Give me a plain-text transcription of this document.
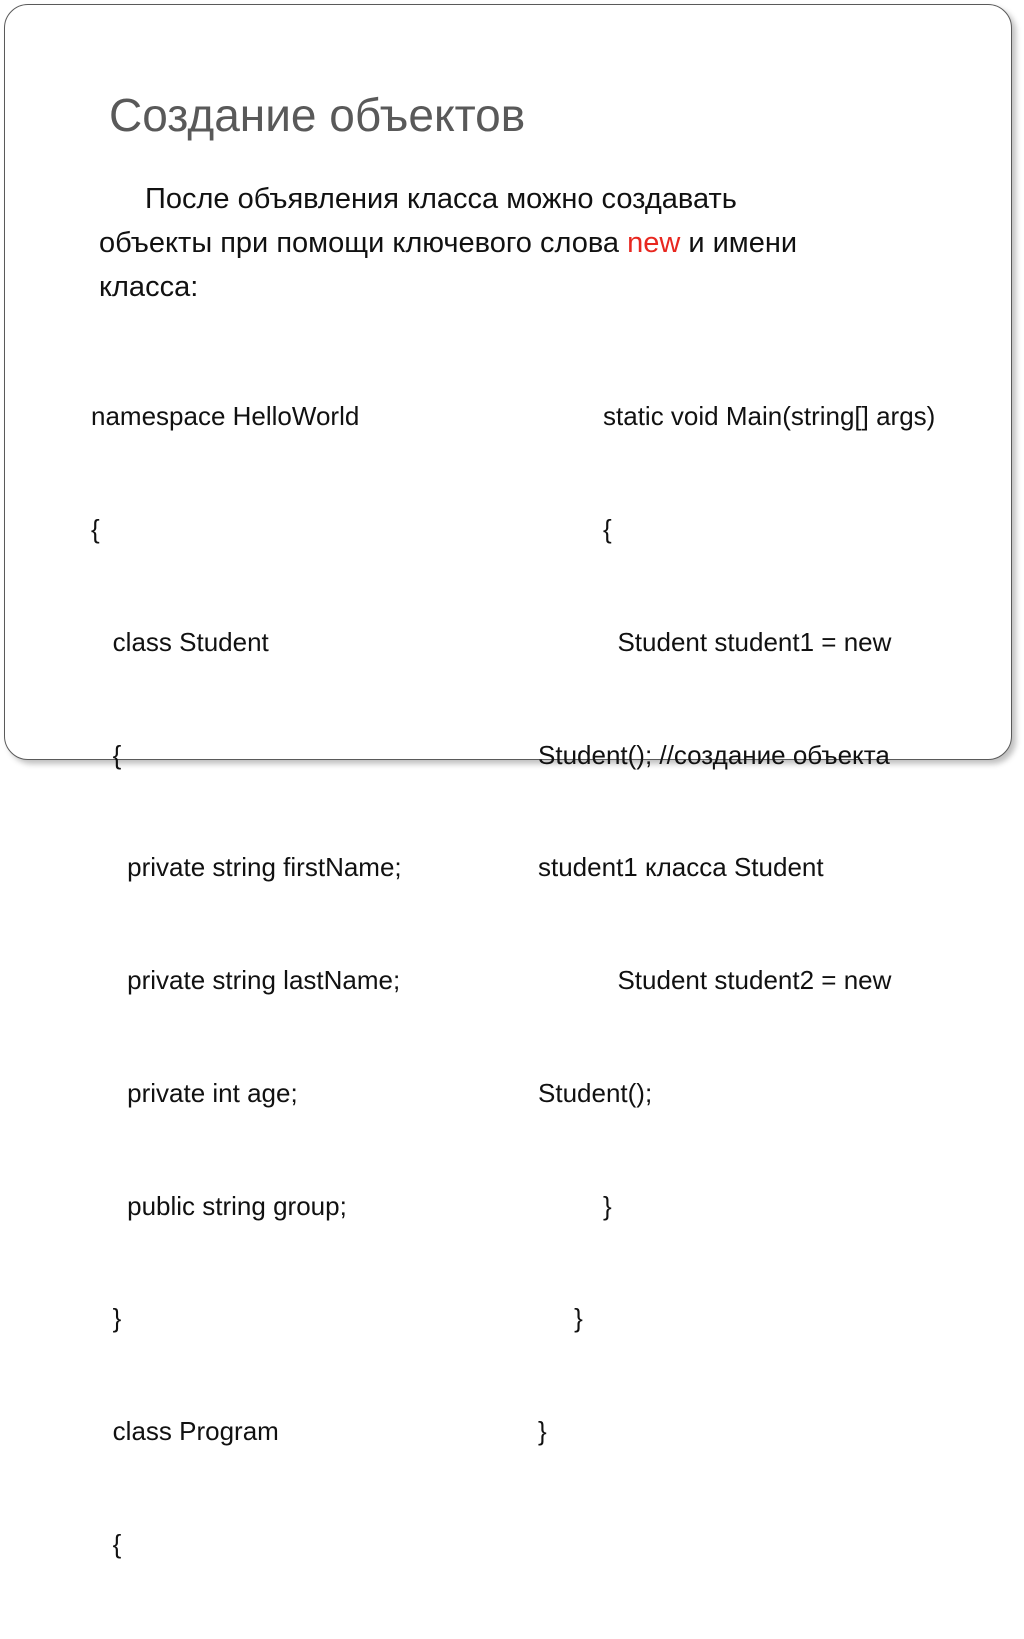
Создание объектов
После объявления класса можно создавать
объекты при помощи ключевого слова new и имени
класса:

namespace HelloWorld

{

class Student

{

private string firstName;

private string lastName;

private int age;

public string group;

}

class Program

{

static void Main(string[] args)

{

Student student1 = new

Student(); //создание объекта

student1 класса Student

Student student2 = new

Student();

}

}

}
